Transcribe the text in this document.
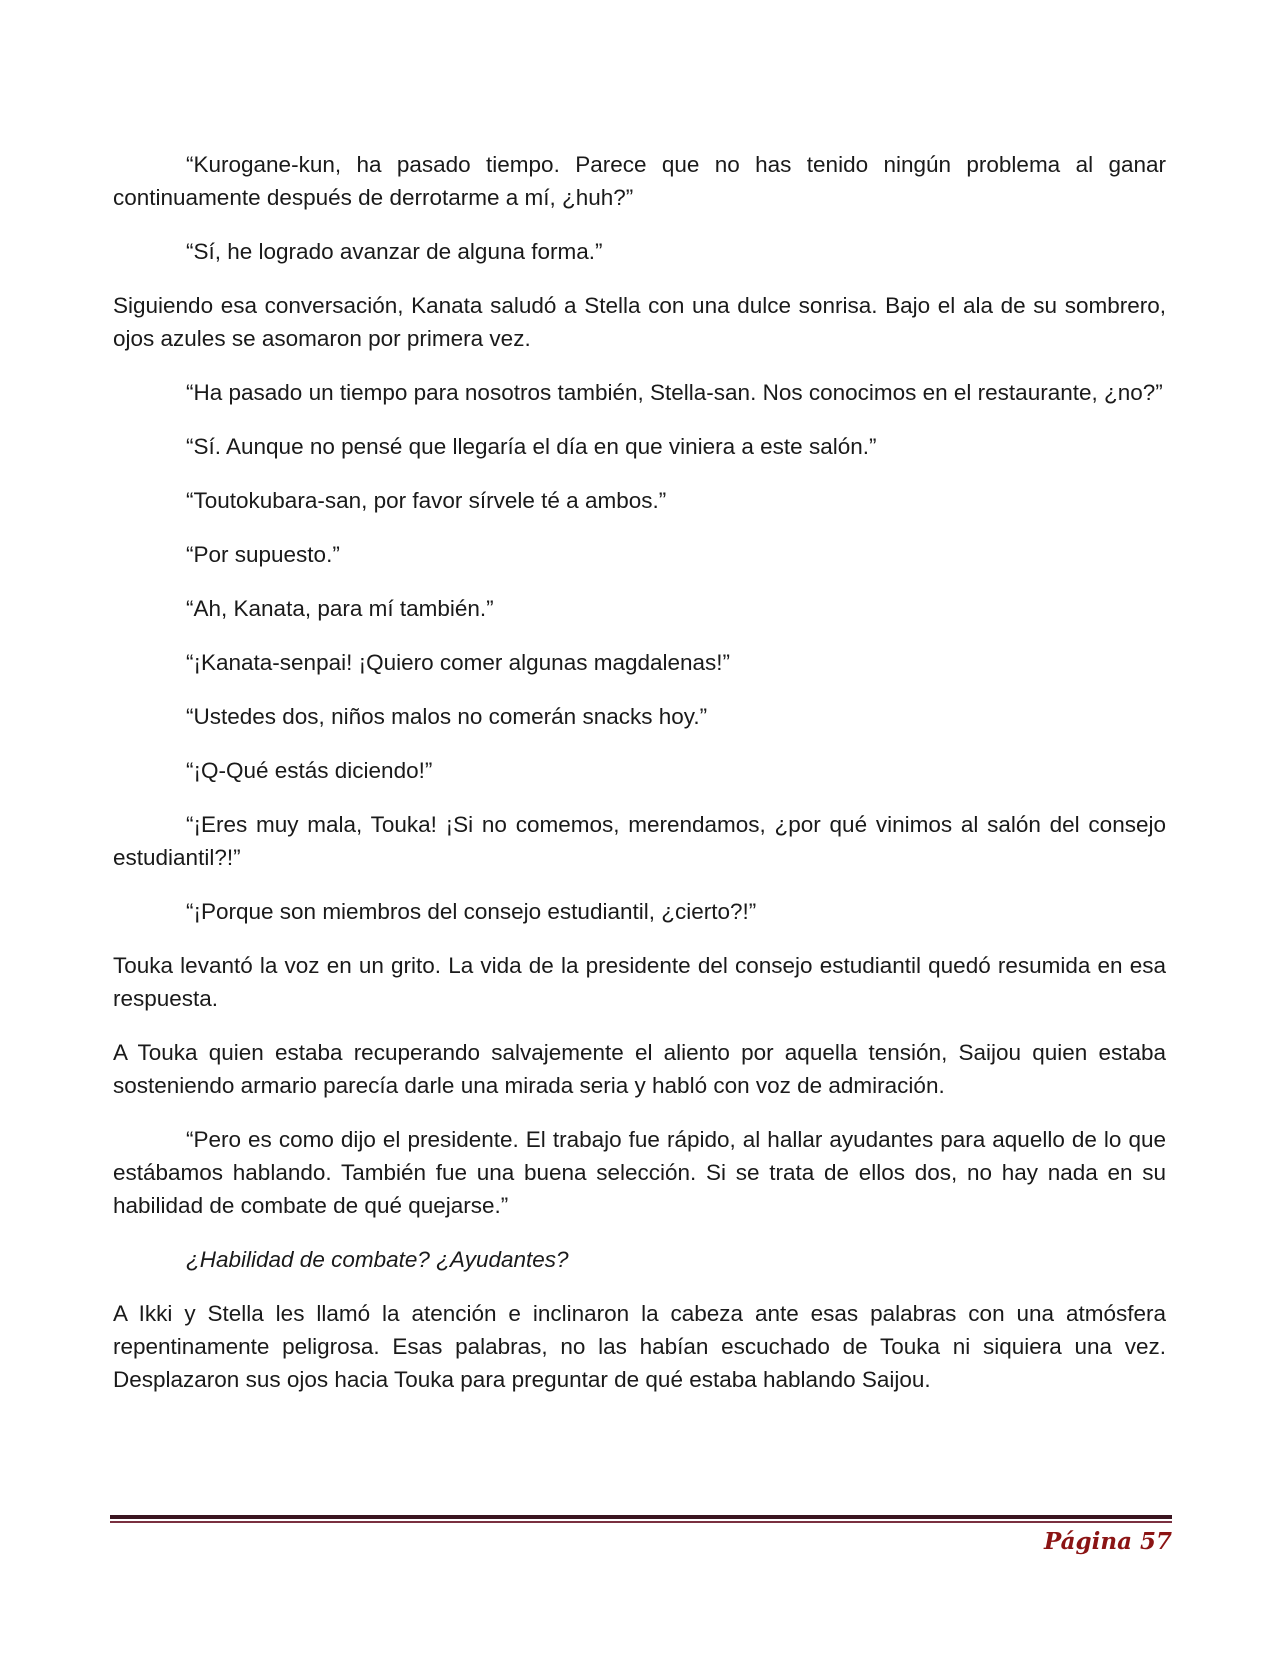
“Kurogane-kun, ha pasado tiempo. Parece que no has tenido ningún problema al ganar continuamente después de derrotarme a mí, ¿huh?”

“Sí, he logrado avanzar de alguna forma.”

Siguiendo esa conversación, Kanata saludó a Stella con una dulce sonrisa. Bajo el ala de su sombrero, ojos azules se asomaron por primera vez.

“Ha pasado un tiempo para nosotros también, Stella-san. Nos conocimos en el restaurante, ¿no?”

“Sí. Aunque no pensé que llegaría el día en que viniera a este salón.”

“Toutokubara-san, por favor sírvele té a ambos.”

“Por supuesto.”

“Ah, Kanata, para mí también.”

“¡Kanata-senpai! ¡Quiero comer algunas magdalenas!”

“Ustedes dos, niños malos no comerán snacks hoy.”

“¡Q-Qué estás diciendo!”

“¡Eres muy mala, Touka! ¡Si no comemos, merendamos, ¿por qué vinimos al salón del consejo estudiantil?!”

“¡Porque son miembros del consejo estudiantil, ¿cierto?!”

Touka levantó la voz en un grito. La vida de la presidente del consejo estudiantil quedó resumida en esa respuesta.

A Touka quien estaba recuperando salvajemente el aliento por aquella tensión, Saijou quien estaba sosteniendo armario parecía darle una mirada seria y habló con voz de admiración.

“Pero es como dijo el presidente. El trabajo fue rápido, al hallar ayudantes para aquello de lo que estábamos hablando. También fue una buena selección. Si se trata de ellos dos, no hay nada en su habilidad de combate de qué quejarse.”

¿Habilidad de combate? ¿Ayudantes?

A Ikki y Stella les llamó la atención e inclinaron la cabeza ante esas palabras con una atmósfera repentinamente peligrosa. Esas palabras, no las habían escuchado de Touka ni siquiera una vez. Desplazaron sus ojos hacia Touka para preguntar de qué estaba hablando Saijou.

Página 57
